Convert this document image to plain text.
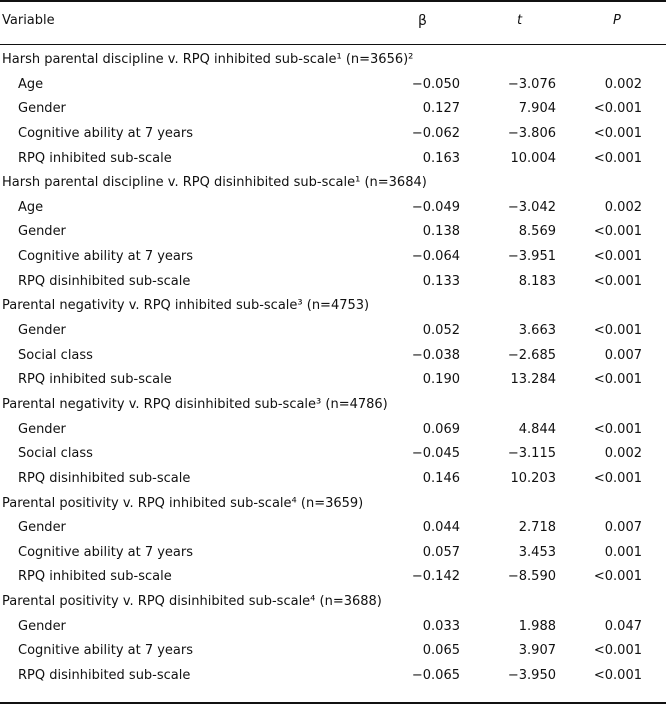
Variable	β	t	P
Harsh parental discipline v. RPQ inhibited sub-scale¹ (n=3656)²
Age	−0.050	−3.076	0.002
Gender	0.127	7.904	<0.001
Cognitive ability at 7 years	−0.062	−3.806	<0.001
RPQ inhibited sub-scale	0.163	10.004	<0.001
Harsh parental discipline v. RPQ disinhibited sub-scale¹ (n=3684)
Age	−0.049	−3.042	0.002
Gender	0.138	8.569	<0.001
Cognitive ability at 7 years	−0.064	−3.951	<0.001
RPQ disinhibited sub-scale	0.133	8.183	<0.001
Parental negativity v. RPQ inhibited sub-scale³ (n=4753)
Gender	0.052	3.663	<0.001
Social class	−0.038	−2.685	0.007
RPQ inhibited sub-scale	0.190	13.284	<0.001
Parental negativity v. RPQ disinhibited sub-scale³ (n=4786)
Gender	0.069	4.844	<0.001
Social class	−0.045	−3.115	0.002
RPQ disinhibited sub-scale	0.146	10.203	<0.001
Parental positivity v. RPQ inhibited sub-scale⁴ (n=3659)
Gender	0.044	2.718	0.007
Cognitive ability at 7 years	0.057	3.453	0.001
RPQ inhibited sub-scale	−0.142	−8.590	<0.001
Parental positivity v. RPQ disinhibited sub-scale⁴ (n=3688)
Gender	0.033	1.988	0.047
Cognitive ability at 7 years	0.065	3.907	<0.001
RPQ disinhibited sub-scale	−0.065	−3.950	<0.001
